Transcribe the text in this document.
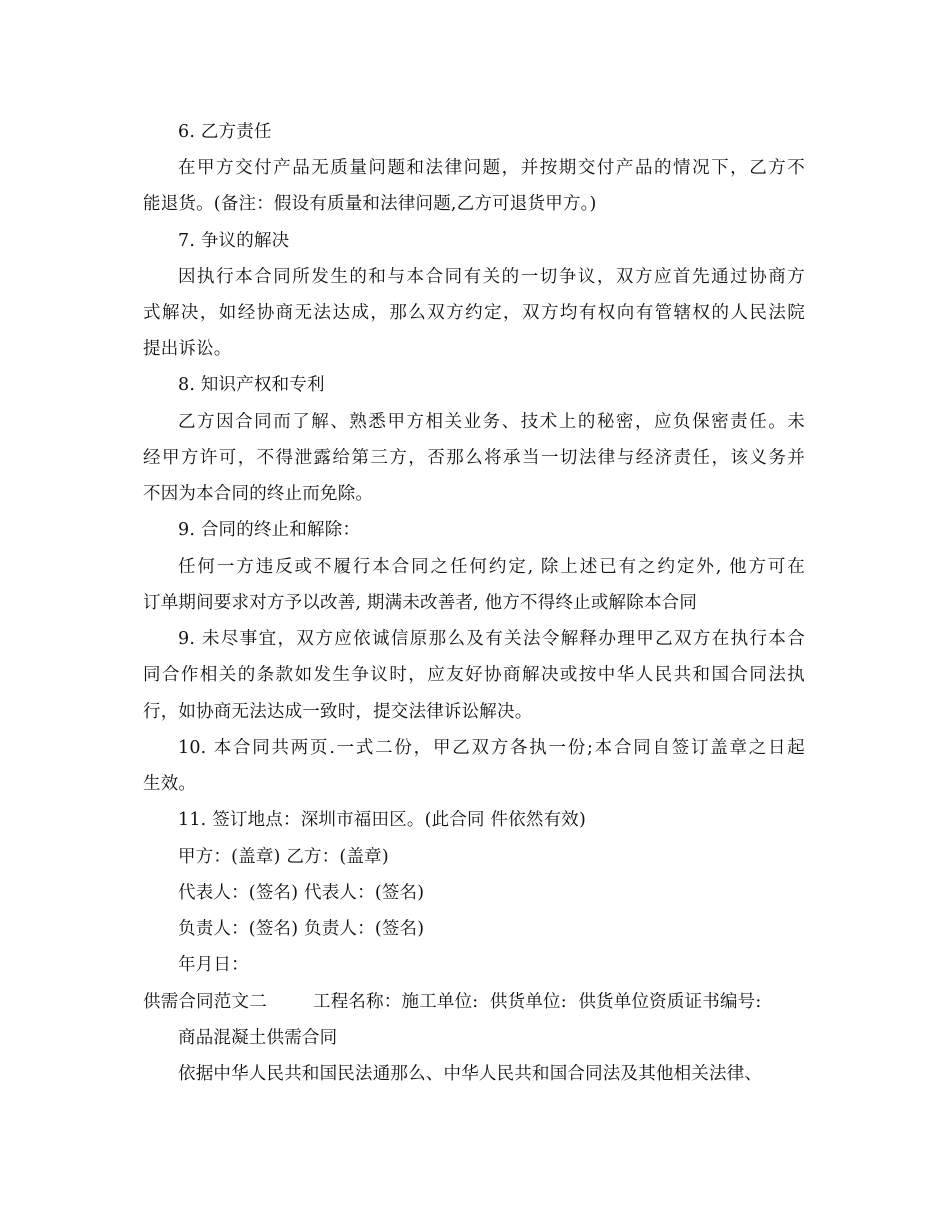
6. 乙方责任
在甲方交付产品无质量问题和法律问题，并按期交付产品的情况下，乙方不
能退货。(备注：假设有质量和法律问题,乙方可退货甲方。)
7. 争议的解决
因执行本合同所发生的和与本合同有关的一切争议，双方应首先通过协商方
式解决，如经协商无法达成，那么双方约定，双方均有权向有管辖权的人民法院
提出诉讼。
8. 知识产权和专利
乙方因合同而了解、熟悉甲方相关业务、技术上的秘密，应负保密责任。未
经甲方许可，不得泄露给第三方，否那么将承当一切法律与经济责任，该义务并
不因为本合同的终止而免除。
9. 合同的终止和解除：
任何一方违反或不履行本合同之任何约定, 除上述已有之约定外, 他方可在
订单期间要求对方予以改善, 期满未改善者, 他方不得终止或解除本合同
9. 未尽事宜，双方应依诚信原那么及有关法令解释办理甲乙双方在执行本合
同合作相关的条款如发生争议时，应友好协商解决或按中华人民共和国合同法执
行，如协商无法达成一致时，提交法律诉讼解决。
10. 本合同共两页.一式二份，甲乙双方各执一份;本合同自签订盖章之日起
生效。
11. 签订地点：深圳市福田区。(此合同 件依然有效)
甲方：(盖章) 乙方：(盖章)
代表人：(签名) 代表人：(签名)
负责人：(签名) 负责人：(签名)
年月日：
供需合同范文二        工程名称：施工单位:  供货单位:  供货单位资质证书编号:
商品混凝土供需合同
依据中华人民共和国民法通那么、中华人民共和国合同法及其他相关法律、
